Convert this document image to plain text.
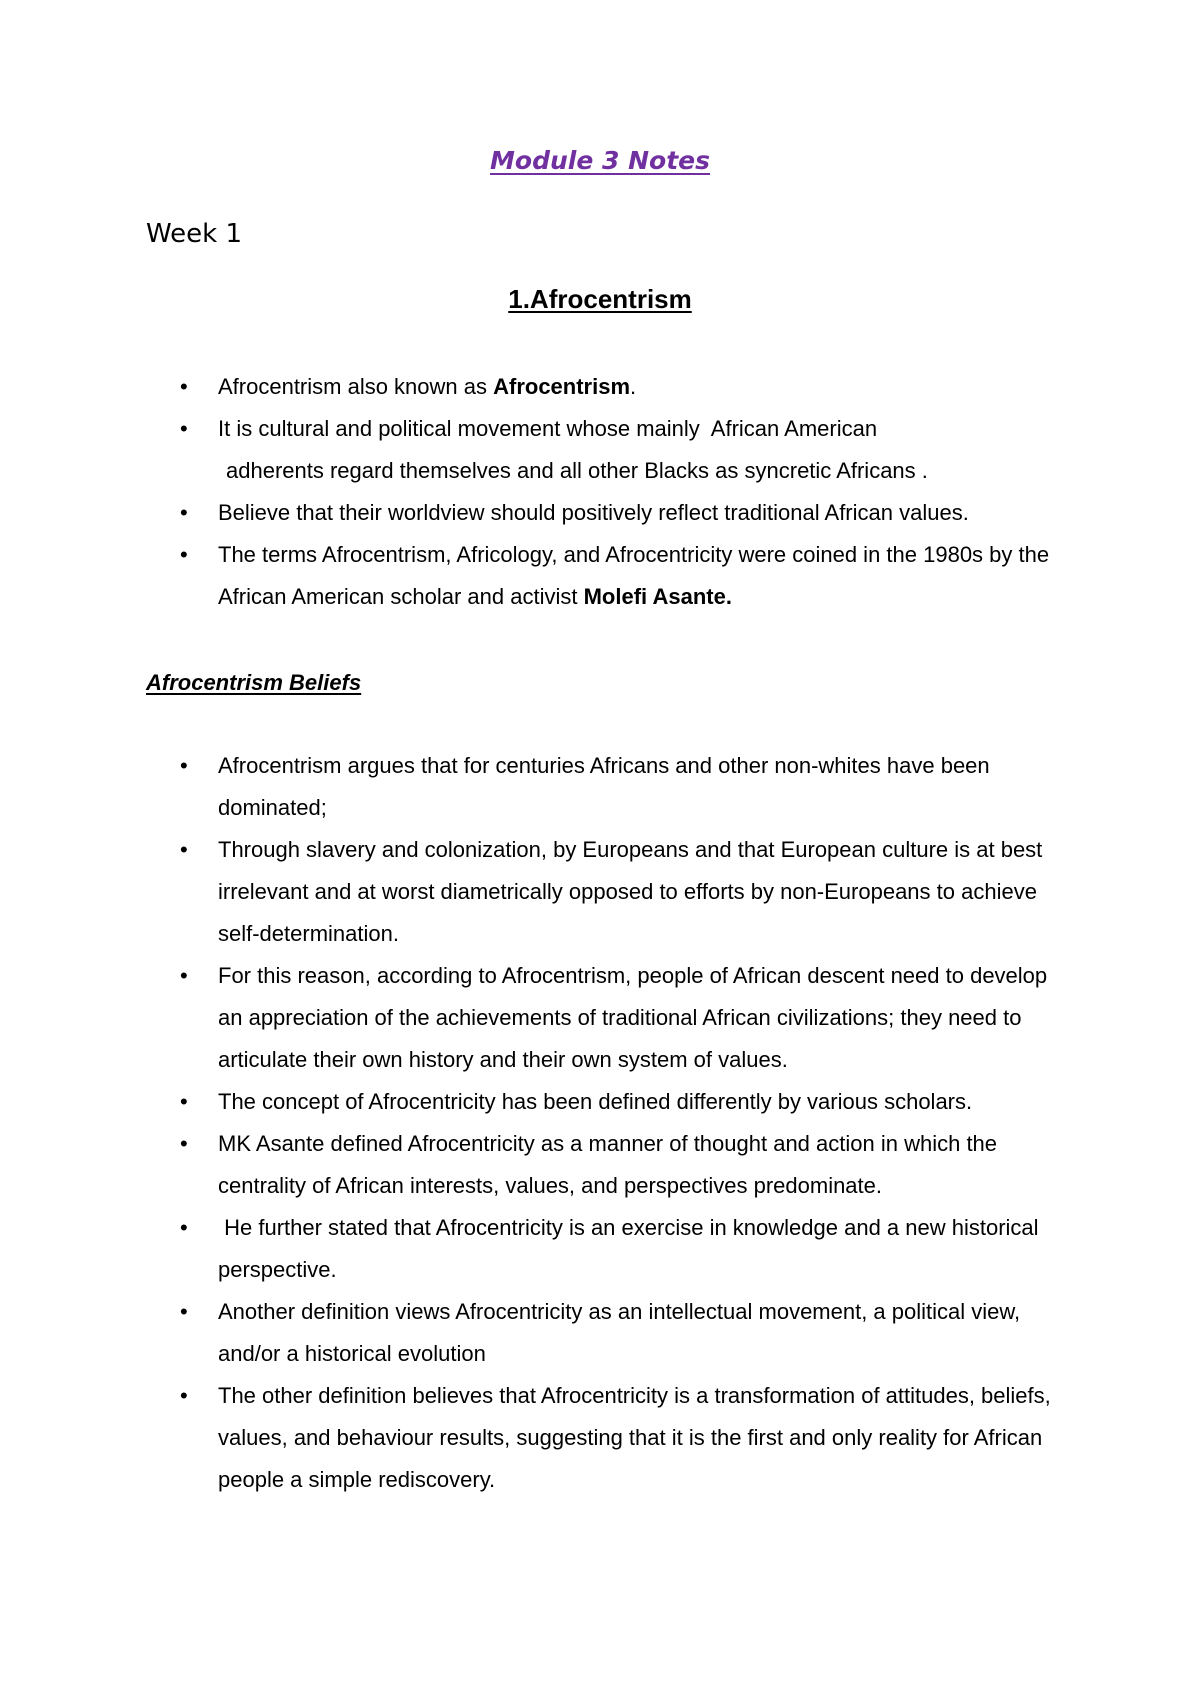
Module 3 Notes
Week 1
1.Afrocentrism
• Afrocentrism also known as Afrocentrism.
• It is cultural and political movement whose mainly  African American
adherents regard themselves and all other Blacks as syncretic Africans .
• Believe that their worldview should positively reflect traditional African values.
• The terms Afrocentrism, Africology, and Afrocentricity were coined in the 1980s by the African American scholar and activist Molefi Asante.
Afrocentrism Beliefs
• Afrocentrism argues that for centuries Africans and other non-whites have been dominated;
• Through slavery and colonization, by Europeans and that European culture is at best irrelevant and at worst diametrically opposed to efforts by non-Europeans to achieve self-determination.
• For this reason, according to Afrocentrism, people of African descent need to develop an appreciation of the achievements of traditional African civilizations; they need to articulate their own history and their own system of values.
• The concept of Afrocentricity has been defined differently by various scholars.
• MK Asante defined Afrocentricity as a manner of thought and action in which the centrality of African interests, values, and perspectives predominate.
• He further stated that Afrocentricity is an exercise in knowledge and a new historical perspective.
• Another definition views Afrocentricity as an intellectual movement, a political view, and/or a historical evolution
• The other definition believes that Afrocentricity is a transformation of attitudes, beliefs, values, and behaviour results, suggesting that it is the first and only reality for African people a simple rediscovery.
